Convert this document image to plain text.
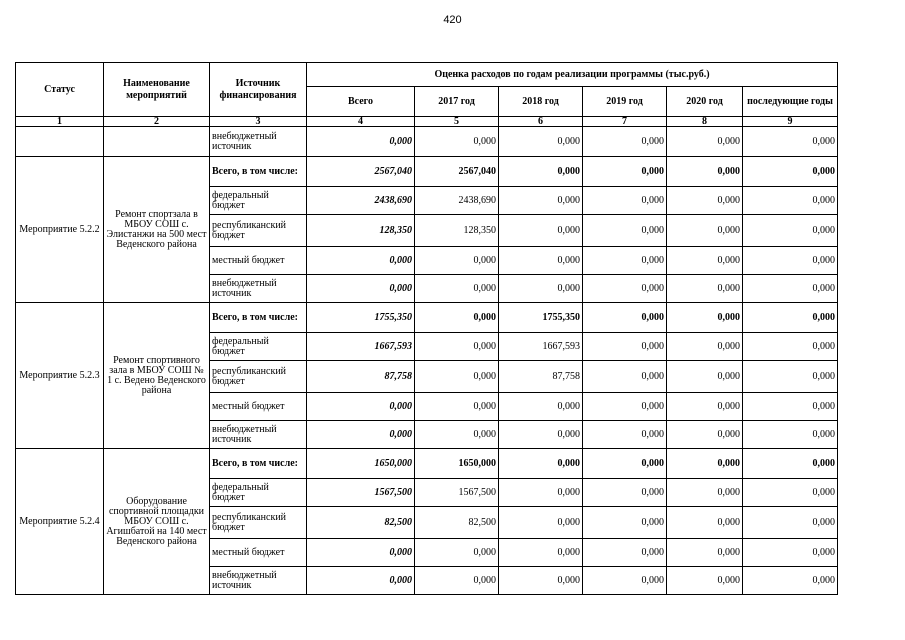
420
Статус	Наименование мероприятий	Источник финансирования	Оценка расходов по годам реализации программы (тыс.руб.)					
			Всего	2017 год	2018 год	2019 год	2020 год	последующие годы
1	2	3	4	5	6	7	8	9
		внебюджетный источник	0,000	0,000	0,000	0,000	0,000	0,000
Мероприятие 5.2.2	Ремонт спортзала в МБОУ СОШ с. Элистанжи на 500 мест Веденского района	Всего, в том числе:	2567,040	2567,040	0,000	0,000	0,000	0,000
		федеральный бюджет	2438,690	2438,690	0,000	0,000	0,000	0,000
		республиканский бюджет	128,350	128,350	0,000	0,000	0,000	0,000
		местный бюджет	0,000	0,000	0,000	0,000	0,000	0,000
		внебюджетный источник	0,000	0,000	0,000	0,000	0,000	0,000
Мероприятие 5.2.3	Ремонт спортивного зала в МБОУ СОШ № 1 с. Ведено Веденского района	Всего, в том числе:	1755,350	0,000	1755,350	0,000	0,000	0,000
		федеральный бюджет	1667,593	0,000	1667,593	0,000	0,000	0,000
		республиканский бюджет	87,758	0,000	87,758	0,000	0,000	0,000
		местный бюджет	0,000	0,000	0,000	0,000	0,000	0,000
		внебюджетный источник	0,000	0,000	0,000	0,000	0,000	0,000
Мероприятие 5.2.4	Оборудование спортивной площадки МБОУ СОШ с. Агишбатой на 140 мест Веденского района	Всего, в том числе:	1650,000	1650,000	0,000	0,000	0,000	0,000
		федеральный бюджет	1567,500	1567,500	0,000	0,000	0,000	0,000
		республиканский бюджет	82,500	82,500	0,000	0,000	0,000	0,000
		местный бюджет	0,000	0,000	0,000	0,000	0,000	0,000
		внебюджетный источник	0,000	0,000	0,000	0,000	0,000	0,000
